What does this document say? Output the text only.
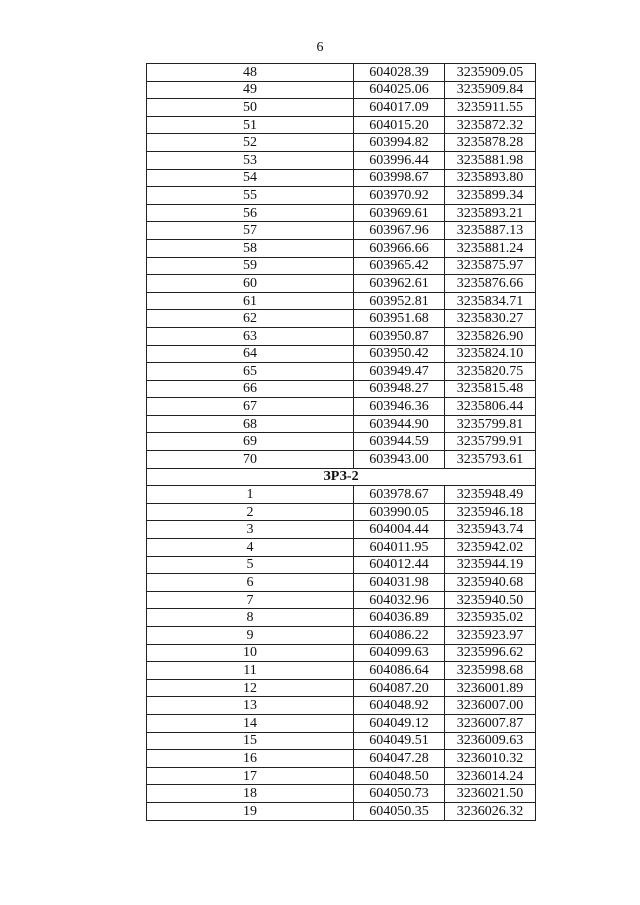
6
48	604028.39	3235909.05
49	604025.06	3235909.84
50	604017.09	3235911.55
51	604015.20	3235872.32
52	603994.82	3235878.28
53	603996.44	3235881.98
54	603998.67	3235893.80
55	603970.92	3235899.34
56	603969.61	3235893.21
57	603967.96	3235887.13
58	603966.66	3235881.24
59	603965.42	3235875.97
60	603962.61	3235876.66
61	603952.81	3235834.71
62	603951.68	3235830.27
63	603950.87	3235826.90
64	603950.42	3235824.10
65	603949.47	3235820.75
66	603948.27	3235815.48
67	603946.36	3235806.44
68	603944.90	3235799.81
69	603944.59	3235799.91
70	603943.00	3235793.61
ЗРЗ-2		
1	603978.67	3235948.49
2	603990.05	3235946.18
3	604004.44	3235943.74
4	604011.95	3235942.02
5	604012.44	3235944.19
6	604031.98	3235940.68
7	604032.96	3235940.50
8	604036.89	3235935.02
9	604086.22	3235923.97
10	604099.63	3235996.62
11	604086.64	3235998.68
12	604087.20	3236001.89
13	604048.92	3236007.00
14	604049.12	3236007.87
15	604049.51	3236009.63
16	604047.28	3236010.32
17	604048.50	3236014.24
18	604050.73	3236021.50
19	604050.35	3236026.32
